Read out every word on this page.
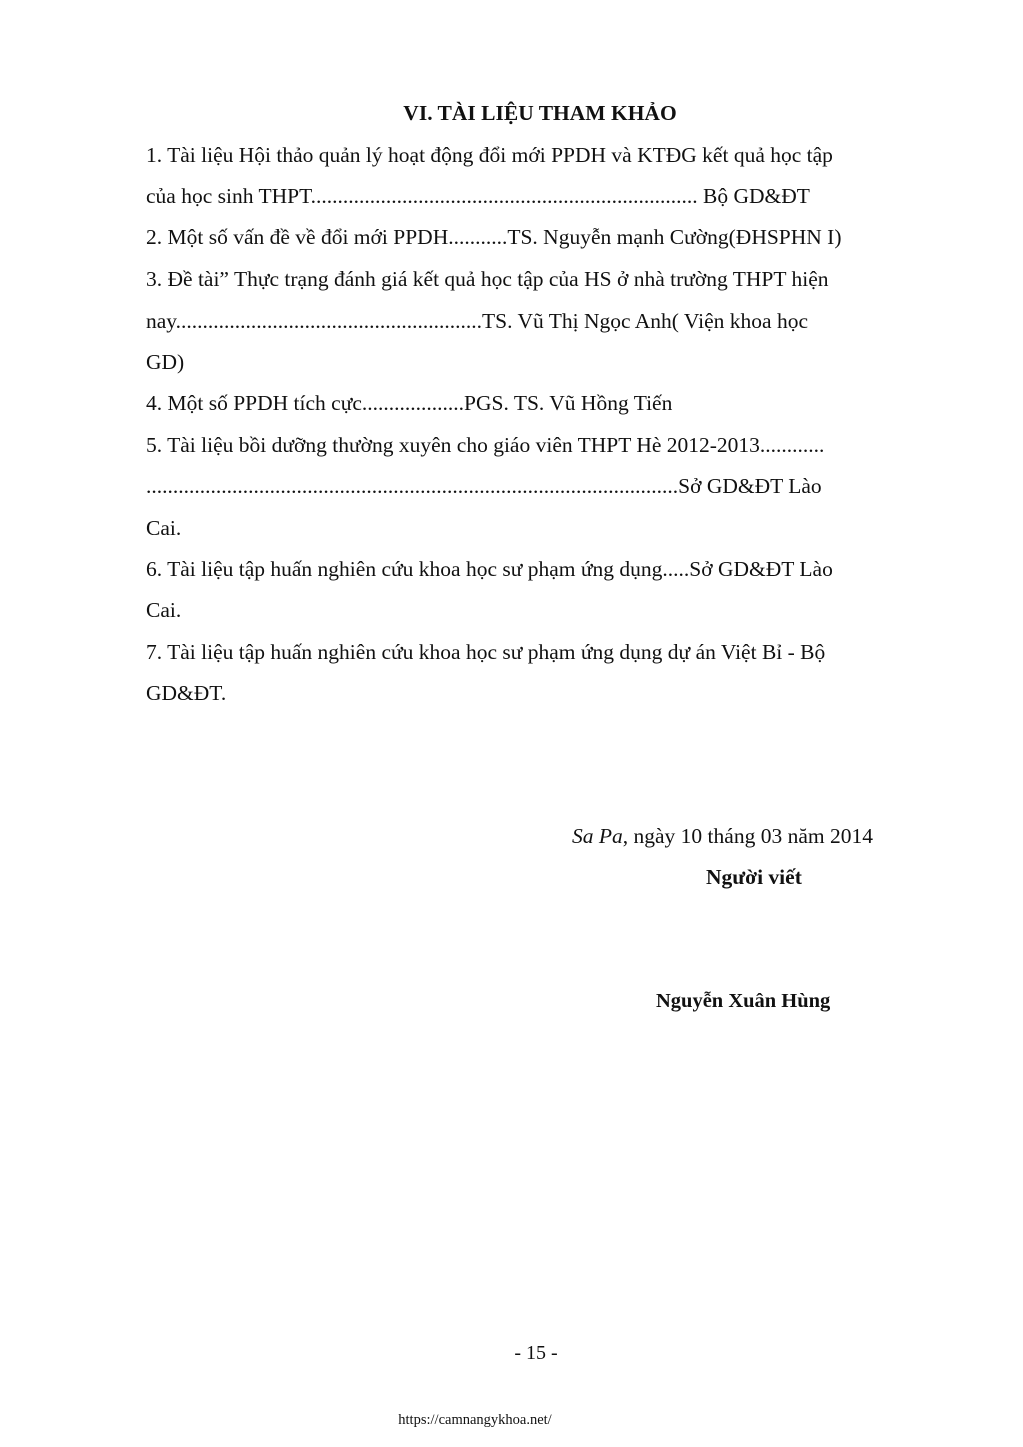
VI. TÀI LIỆU THAM KHẢO

1. Tài liệu Hội thảo quản lý hoạt động đổi mới PPDH và KTĐG kết quả học tập

của học sinh THPT........................................................................ Bộ GD&ĐT

2. Một số vấn đề về đổi mới PPDH...........TS. Nguyễn mạnh Cường(ĐHSPHN I)

3. Đề tài” Thực trạng đánh giá kết quả học tập của HS ở nhà trường THPT hiện

nay.........................................................TS. Vũ Thị Ngọc Anh( Viện khoa học

GD)

4. Một số PPDH tích cực...................PGS. TS. Vũ Hồng Tiến

5. Tài liệu bồi dưỡng thường xuyên cho giáo viên THPT Hè 2012-2013............

...................................................................................................Sở GD&ĐT Lào

Cai.

6. Tài liệu tập huấn nghiên cứu khoa học sư phạm ứng dụng.....Sở GD&ĐT Lào

Cai.

7. Tài liệu tập huấn nghiên cứu khoa học sư phạm ứng dụng dự án Việt Bỉ - Bộ

GD&ĐT.

Sa Pa, ngày 10 tháng 03 năm 2014
Người viết
Nguyễn Xuân Hùng
- 15 -
https://camnangykhoa.net/
